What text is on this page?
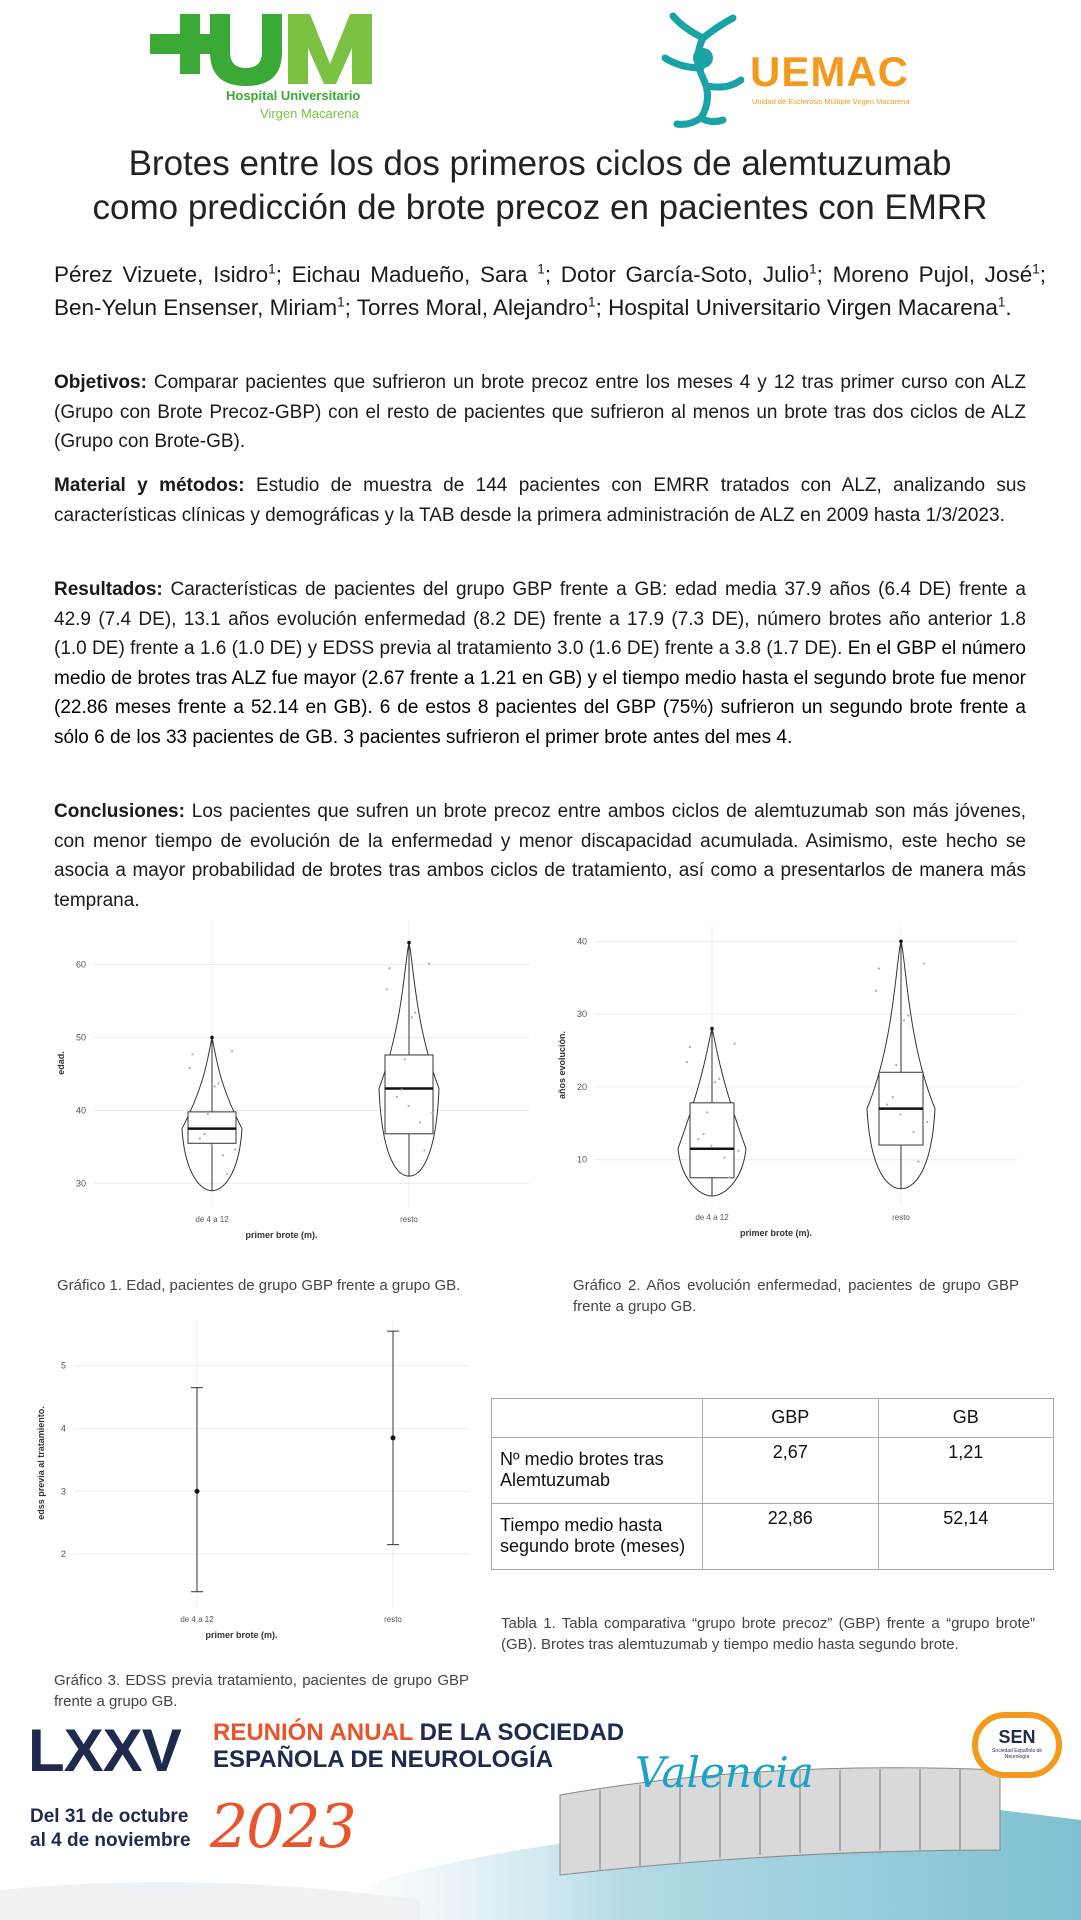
Hospital Universitario
Virgen Macarena
UEMAC
Unidad de Esclerosis Múltiple Virgen Macarena
Brotes entre los dos primeros ciclos de alemtuzumab
como predicción de brote precoz en pacientes con EMRR
Pérez Vizuete, Isidro$^1$; Eichau Madueño, Sara $^1$; Dotor García-Soto, Julio$^1$; Moreno Pujol, José$^1$; Ben-Yelun Ensenser, Miriam$^1$; Torres Moral, Alejandro$^1$; Hospital Universitario Virgen Macarena$^1$.
Objetivos: Comparar pacientes que sufrieron un brote precoz entre los meses 4 y 12 tras primer curso con ALZ (Grupo con Brote Precoz-GBP) con el resto de pacientes que sufrieron al menos un brote tras dos ciclos de ALZ (Grupo con Brote-GB).
Material y métodos: Estudio de muestra de 144 pacientes con EMRR tratados con ALZ, analizando sus características clínicas y demográficas y la TAB desde la primera administración de ALZ en 2009 hasta 1/3/2023.
Resultados: Características de pacientes del grupo GBP frente a GB: edad media 37.9 años (6.4 DE) frente a 42.9 (7.4 DE), 13.1 años evolución enfermedad (8.2 DE) frente a 17.9 (7.3 DE), número brotes año anterior 1.8 (1.0 DE) frente a 1.6 (1.0 DE) y EDSS previa al tratamiento 3.0 (1.6 DE) frente a 3.8 (1.7 DE). En el GBP el número medio de brotes tras ALZ fue mayor (2.67 frente a 1.21 en GB) y el tiempo medio hasta el segundo brote fue menor (22.86 meses frente a 52.14 en GB). 6 de estos 8 pacientes del GBP (75%) sufrieron un segundo brote frente a sólo 6 de los 33 pacientes de GB. 3 pacientes sufrieron el primer brote antes del mes 4.
Conclusiones: Los pacientes que sufren un brote precoz entre ambos ciclos de alemtuzumab son más jóvenes, con menor tiempo de evolución de la enfermedad y menor discapacidad acumulada. Asimismo, este hecho se asocia a mayor probabilidad de brotes tras ambos ciclos de tratamiento, así como a presentarlos de manera más temprana.
30
40
50
60
de 4 a 12	resto
primer brote (m).
edad.
10
20
30
40
de 4 a 12	resto
primer brote (m).
años evolución.
2
3
4
5
de 4 a 12	resto
primer brote (m).
edss previa al tratamiento.
Gráfico 1. Edad, pacientes de grupo GBP frente a grupo GB.	Gráfico 2. Años evolución enfermedad, pacientes de grupo GBP frente a grupo GB.
Gráfico 3. EDSS previa tratamiento, pacientes de grupo GBP frente a grupo GB.
	GBP	GB
Nº medio brotes tras Alemtuzumab	2,67	1,21
Tiempo medio hasta segundo brote (meses)	22,86	52,14
Tabla 1. Tabla comparativa “grupo brote precoz” (GBP) frente a “grupo brote” (GB). Brotes tras alemtuzumab y tiempo medio hasta segundo brote.
LXXV REUNIÓN ANUAL DE LA SOCIEDAD
ESPAÑOLA DE NEUROLOGÍA Valencia
Del 31 de octubre
al 4 de noviembre 2023
SEN
Sociedad Española de Neurología
